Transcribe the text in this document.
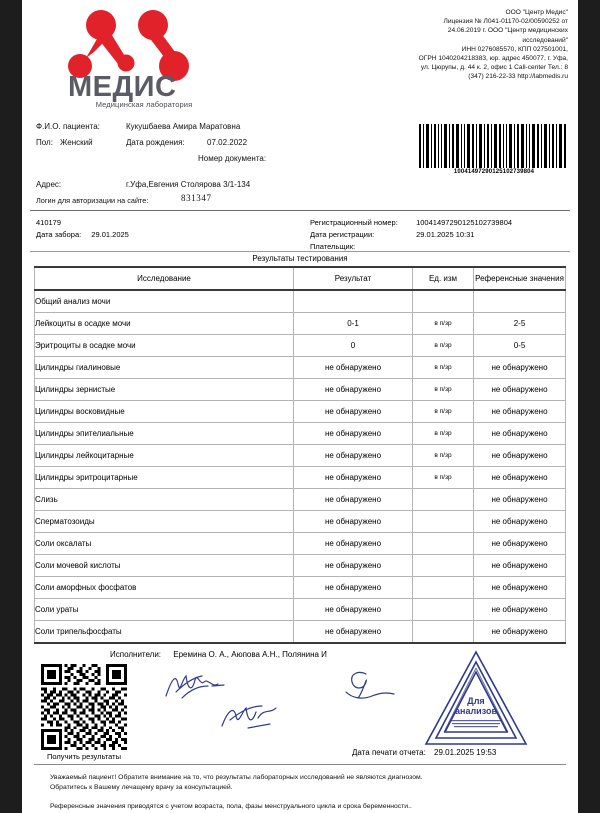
МЕДИС
Медицинская лаборатория
ООО "Центр Медис"
Лицензия № Л041-01170-02/00590252 от
24.06.2019 г. ООО "Центр медицинских
исследований"
ИНН 0276085570, КПП 027501001,
ОГРН 1040204218383, юр. адрес 450077, г. Уфа,
ул. Цюрупы, д. 44 к. 2, офис 1 Call-center Тел.: 8
(347) 216-22-33 http://labmedis.ru
Ф.И.О. пациента:	Кукушбаева Амира Маратовна
Пол: Женский	Дата рождения:	07.02.2022
Номер документа:
Адрес:	г.Уфа,Евгения Столярова 3/1-134
Логин для авторизации на сайте:	831347
10041497290125102739804
410179
Дата забора: 29.01.2025
Регистрационный номер: 10041497290125102739804
Дата регистрации:	29.01.2025 10:31
Плательщик:
Результаты тестирования
Исследование	Результат	Ед. изм	Референсные значения
Общий анализ мочи			
Лейкоциты в осадке мочи	0-1	в п/зр	2-5
Эритроциты в осадке мочи	0	в п/зр	0-5
Цилиндры гиалиновые	не обнаружено	в п/зр	не обнаружено
Цилиндры зернистые	не обнаружено	в п/зр	не обнаружено
Цилиндры восковидные	не обнаружено	в п/зр	не обнаружено
Цилиндры эпителиальные	не обнаружено	в п/зр	не обнаружено
Цилиндры лейкоцитарные	не обнаружено	в п/зр	не обнаружено
Цилиндры эритроцитарные	не обнаружено	в п/зр	не обнаружено
Слизь	не обнаружено		не обнаружено
Сперматозоиды	не обнаружено		не обнаружено
Соли оксалаты	не обнаружено		не обнаружено
Соли мочевой кислоты	не обнаружено		не обнаружено
Соли аморфных фосфатов	не обнаружено		не обнаружено
Соли ураты	не обнаружено		не обнаружено
Соли трипельфосфаты	не обнаружено		не обнаружено
Исполнители: Еремина О. А., Аюпова А.Н., Полянина И
Получить результаты
Для
анализов
Дата печати отчета: 29.01.2025 19:53

Уважаемый пациент! Обратите внимание на то, что результаты лабораторных исследований не являются диагнозом.

Обратитесь к Вашему лечащему врачу за консультацией.

Референсные значения приводятся с учетом возраста, пола, фазы менструального цикла и срока беременности..
